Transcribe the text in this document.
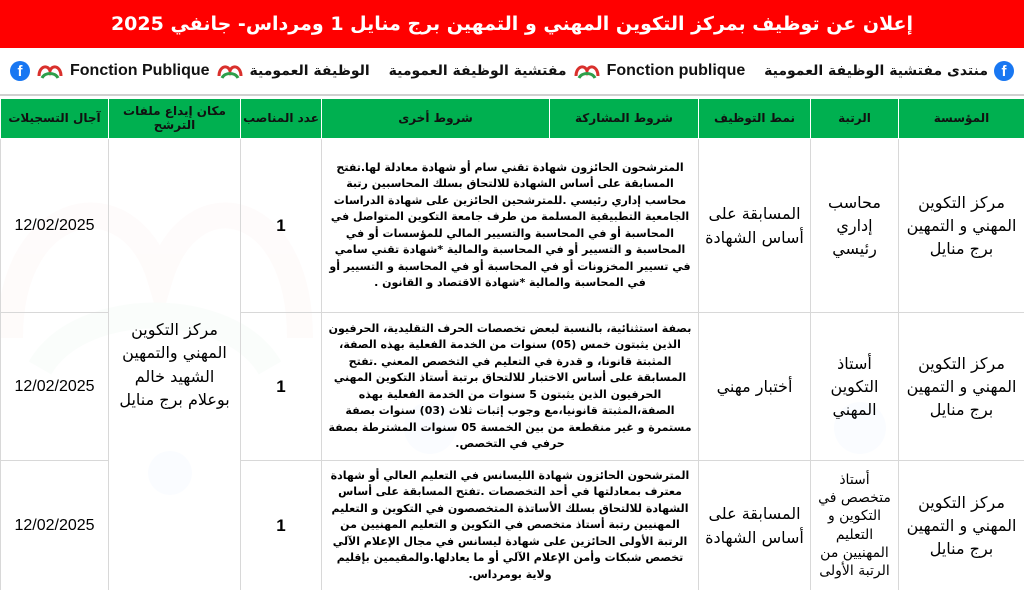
إعلان عن توظيف بمركز التكوين المهني و التمهين برج منايل 1 ومرداس- جانفي 2025
f
منتدى مفتشية الوظيفة العمومية
Fonction publique
مفتشية الوظيفة العمومية
الوظيفة العمومية
Fonction Publique
f
المؤسسة	الرتبة	نمط التوظيف	شروط المشاركة	شروط أخرى	عدد المناصب	مكان إيداع ملفات الترشح	آجال التسجيلات
مركز التكوين المهني و التمهين برج منايل	محاسب إداري رئيسي	المسابقة على أساس الشهادة	المترشحون الحائزون شهادة تقني سام أو شهادة معادلة لها.تفتح المسابقة على أساس الشهادة للالتحاق بسلك المحاسبين رتبة محاسب إداري رئيسي .للمترشحين الحائزين على شهادة الدراسات الجامعية التطبيقية المسلمة من طرف جامعة التكوين المتواصل في المحاسبة أو في المحاسبة والتسيير المالي للمؤسسات أو في المحاسبة و التسيير أو في المحاسبة والمالية *شهادة تقني سامي في تسيير المخزونات أو في المحاسبة أو في المحاسبة و التسيير أو في المحاسبة والمالية *شهادة الاقتصاد و القانون .		1	مركز التكوين المهني والتمهين الشهيد خالم بوعلام برج منايل	12/02/2025
مركز التكوين المهني و التمهين برج منايل	أستاذ التكوين المهني	أختبار مهني	بصفة استثنائية، بالنسبة لبعض تخصصات الحرف التقليدية، الحرفيون الذين يثبتون خمس (05) سنوات من الخدمة الفعلية بهذه الصفة، المثبتة قانونا، و قدرة في التعليم في التخصص المعني .تفتح المسابقة على أساس الاختبار للالتحاق برتبة أستاذ التكوين المهني الحرفيون الذين يثبتون 5 سنوات من الخدمة الفعلية بهذه الصفة،المثبتة قانونيا،مع وجوب إثبات ثلاث (03) سنوات بصفة مستمرة و غير منقطعة من بين الخمسة 05 سنوات المشترطة بصفة حرفي في التخصص.		1		12/02/2025
مركز التكوين المهني و التمهين برج منايل	أستاذ متخصص في التكوين و التعليم المهنيين من الرتبة الأولى	المسابقة على أساس الشهادة	المترشحون الحائزون شهادة الليسانس في التعليم العالي أو شهادة معترف بمعادلتها في أحد التخصصات .تفتح المسابقة على أساس الشهادة للالتحاق بسلك الأساتذة المتخصصون في التكوين و التعليم المهنيين رتبة أستاذ متخصص في التكوين و التعليم المهنيين من الرتبة الأولى الحائزين على شهادة ليسانس في مجال الإعلام الآلي تخصص شبكات وأمن الإعلام الآلي أو ما يعادلها.والمقيمين بإقليم ولاية بومرداس.		1		12/02/2025
